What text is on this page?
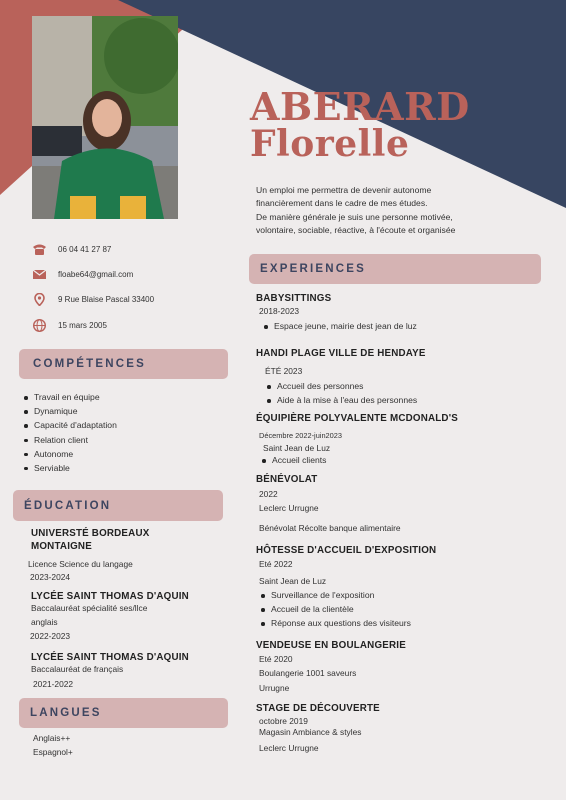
ABERARD
Florelle
Un emploi me permettra de devenir autonome
financièrement dans le cadre de mes études.
De manière générale je suis une personne motivée,
volontaire, sociable, réactive, à l'écoute et organisée
06 04 41 27 87
floabe64@gmail.com
9 Rue Blaise Pascal 33400
15 mars 2005
COMPÉTENCES
Travail en équipe
Dynamique
Capacité d'adaptation
Relation client
Autonome
Serviable
ÉDUCATION
UNIVERSTÉ BORDEAUX
MONTAIGNE
Licence Science du langage
2023-2024
LYCÉE SAINT THOMAS D'AQUIN
Baccalauréat spécialité ses/llce
anglais
2022-2023
LYCÉE SAINT THOMAS D'AQUIN
Baccalauréat de français
2021-2022
LANGUES
Anglais++
Espagnol+
EXPERIENCES
BABYSITTINGS
2018-2023
Espace jeune, mairie dest jean de luz
HANDI PLAGE VILLE DE HENDAYE
ÉTÉ 2023
Accueil des personnes
Aide à la mise à l'eau des personnes
ÉQUIPIÈRE POLYVALENTE MCDONALD'S
Décembre 2022-juin2023
Saint Jean de Luz
Accueil clients
BÉNÉVOLAT
2022
Leclerc Urrugne
Bénévolat Récolte banque alimentaire
HÔTESSE D'ACCUEIL D'EXPOSITION
Eté 2022
Saint Jean de Luz
Surveillance de l'exposition
Accueil de la clientèle
Réponse aux questions des visiteurs
VENDEUSE EN BOULANGERIE
Eté 2020
Boulangerie 1001 saveurs
Urrugne
STAGE DE DÉCOUVERTE
octobre 2019
Magasin Ambiance & styles
Leclerc Urrugne
